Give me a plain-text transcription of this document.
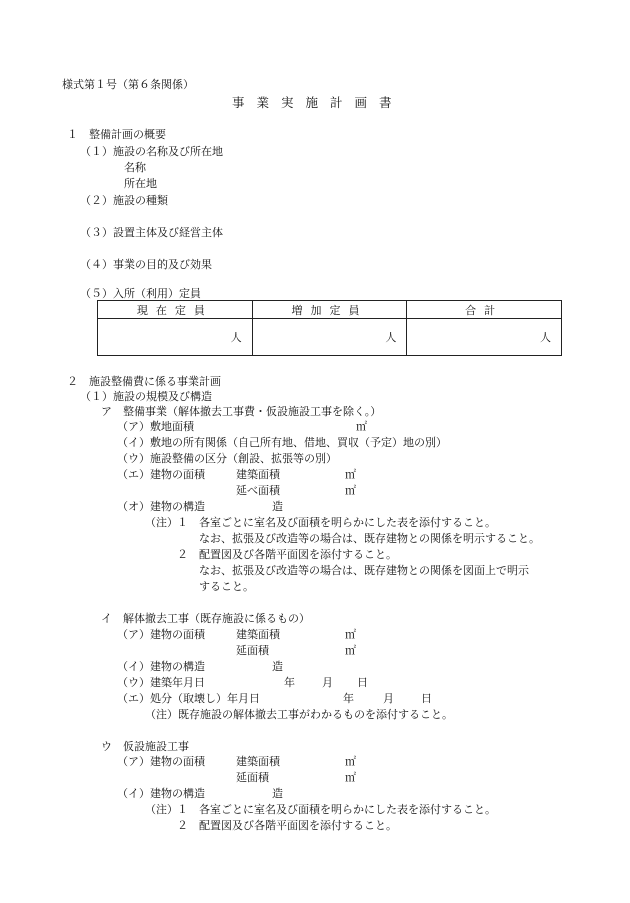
様式第１号（第６条関係）
事業実施計画書
１　整備計画の概要
（１）施設の名称及び所在地
名称
所在地
（２）施設の種類
（３）設置主体及び経営主体
（４）事業の目的及び効果
（５）入所（利用）定員
現在定員	増加定員	合計
人	人	人
２　施設整備費に係る事業計画
（１）施設の規模及び構造
ア　整備事業（解体撤去工事費・仮設施設工事を除く。）
（ア）敷地面積	㎡
（イ）敷地の所有関係（自己所有地、借地、買収（予定）地の別）
（ウ）施設整備の区分（創設、拡張等の別）
（エ）建物の面積	建築面積	㎡
延べ面積	㎡
（オ）建物の構造	造
（注） １ 各室ごとに室名及び面積を明らかにした表を添付すること。
なお、拡張及び改造等の場合は、既存建物との関係を明示すること。
２ 配置図及び各階平面図を添付すること。
なお、拡張及び改造等の場合は、既存建物との関係を図面上で明示
すること。
イ　解体撤去工事（既存施設に係るもの）
（ア）建物の面積	建築面積	㎡
延面積	㎡
（イ）建物の構造	造
（ウ）建築年月日	年 月 日
（エ）処分（取壊し）年月日	年	月 日
（注）既存施設の解体撤去工事がわかるものを添付すること。
ウ　仮設施設工事
（ア）建物の面積	建築面積	㎡
延面積	㎡
（イ）建物の構造	造
（注） １ 各室ごとに室名及び面積を明らかにした表を添付すること。
２ 配置図及び各階平面図を添付すること。
